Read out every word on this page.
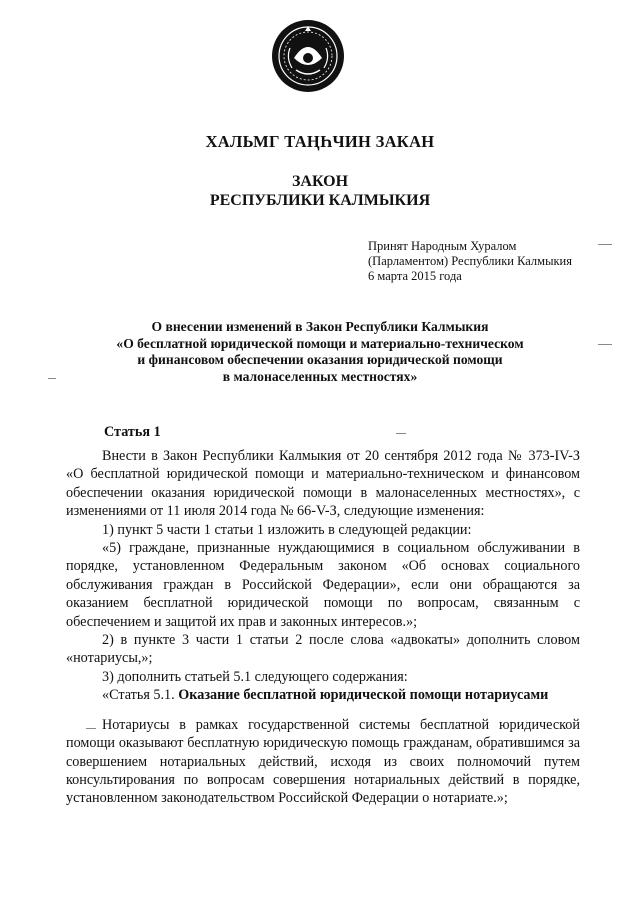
ХАЛЬМГ ТАҢҺЧИН ЗАКАН
ЗАКОН
РЕСПУБЛИКИ КАЛМЫКИЯ
Принят Народным Хуралом
(Парламентом) Республики Калмыкия
6 марта 2015 года
О внесении изменений в Закон Республики Калмыкия
«О бесплатной юридической помощи и материально-техническом
и финансовом обеспечении оказания юридической помощи
в малонаселенных местностях»
Статья 1

Внести в Закон Республики Калмыкия от 20 сентября 2012 года № 373-IV-З «О бесплатной юридической помощи и материально-техническом и финансовом обеспечении оказания юридической помощи в малонаселенных местностях», с изменениями от 11 июля 2014 года № 66-V-З, следующие изменения:

1) пункт 5 части 1 статьи 1 изложить в следующей редакции:

«5) граждане, признанные нуждающимися в социальном обслуживании в порядке, установленном Федеральным законом «Об основах социального обслуживания граждан в Российской Федерации», если они обращаются за оказанием бесплатной юридической помощи по вопросам, связанным с обеспечением и защитой их прав и законных интересов.»;

2) в пункте 3 части 1 статьи 2 после слова «адвокаты» дополнить словом «нотариусы,»;

3) дополнить статьей 5.1 следующего содержания:

«Статья 5.1. Оказание бесплатной юридической помощи нотариусами

Нотариусы в рамках государственной системы бесплатной юридической помощи оказывают бесплатную юридическую помощь гражданам, обратившимся за совершением нотариальных действий, исходя из своих полномочий путем консультирования по вопросам совершения нотариальных действий в порядке, установленном законодательством Российской Федерации о нотариате.»;
